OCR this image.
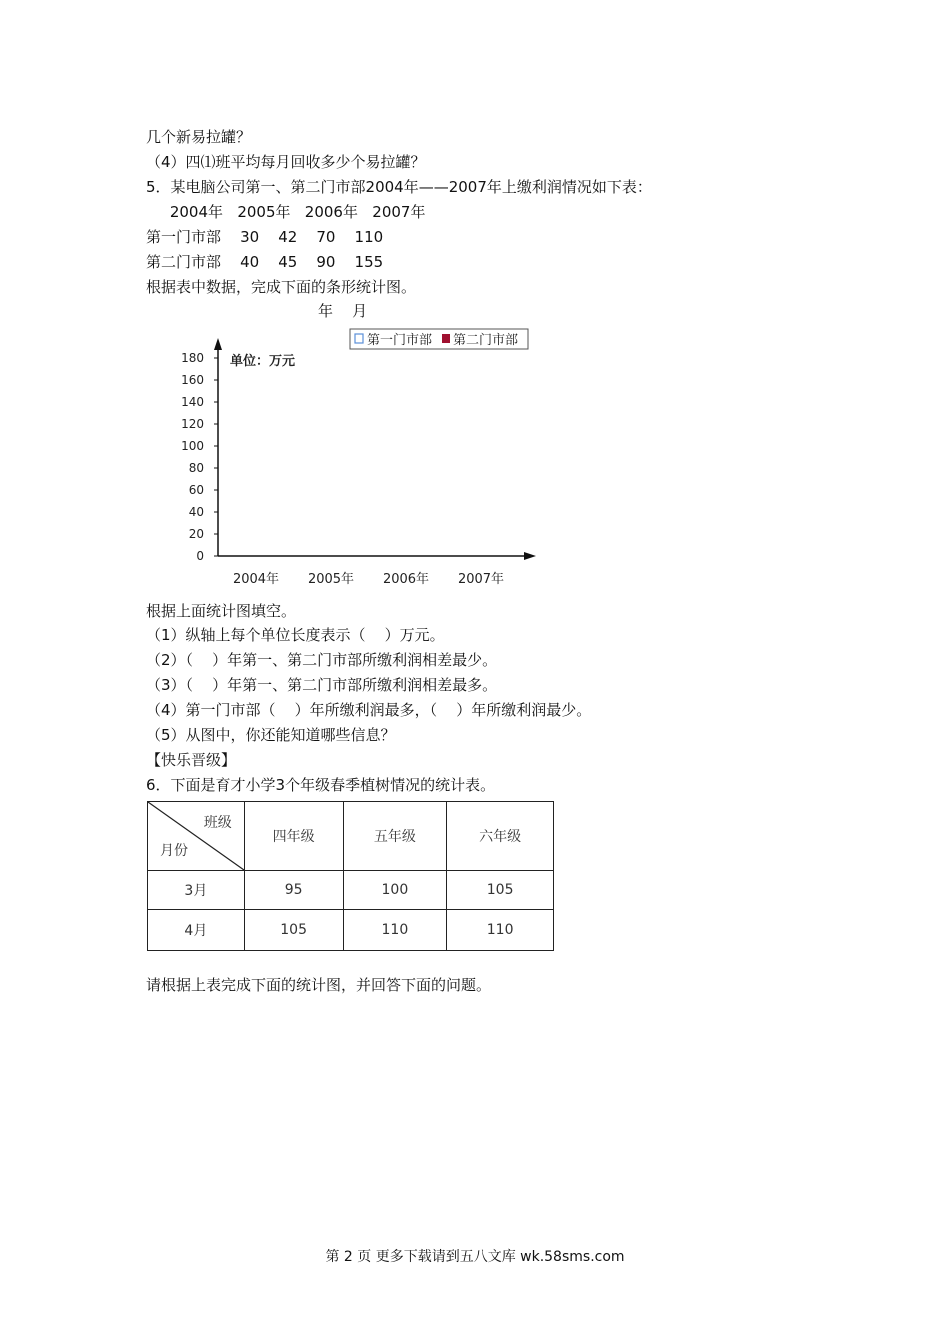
几个新易拉罐？
（4）四⑴班平均每月回收多少个易拉罐？
5．某电脑公司第一、第二门市部2004年——2007年上缴利润情况如下表：
2004年   2005年   2006年   2007年
第一门市部    30    42    70    110
第二门市部    40    45    90    155
根据表中数据，完成下面的条形统计图。
年    月
第一门市部 第二门市部
单位：万元
0
20
40
60
80
100
120
140
160
180
2004年 2005年 2006年 2007年
根据上面统计图填空。
（1）纵轴上每个单位长度表示（    ）万元。
（2）（    ）年第一、第二门市部所缴利润相差最少。
（3）（    ）年第一、第二门市部所缴利润相差最多。
（4）第一门市部（    ）年所缴利润最多，（    ）年所缴利润最少。
（5）从图中，你还能知道哪些信息？
【快乐晋级】
6．下面是育才小学3个年级春季植树情况的统计表。
班级
月份	四年级	五年级	六年级
3月	95	100	105
4月	105	110	110
请根据上表完成下面的统计图，并回答下面的问题。
第 2 页 更多下载请到五八文库 wk.58sms.com
